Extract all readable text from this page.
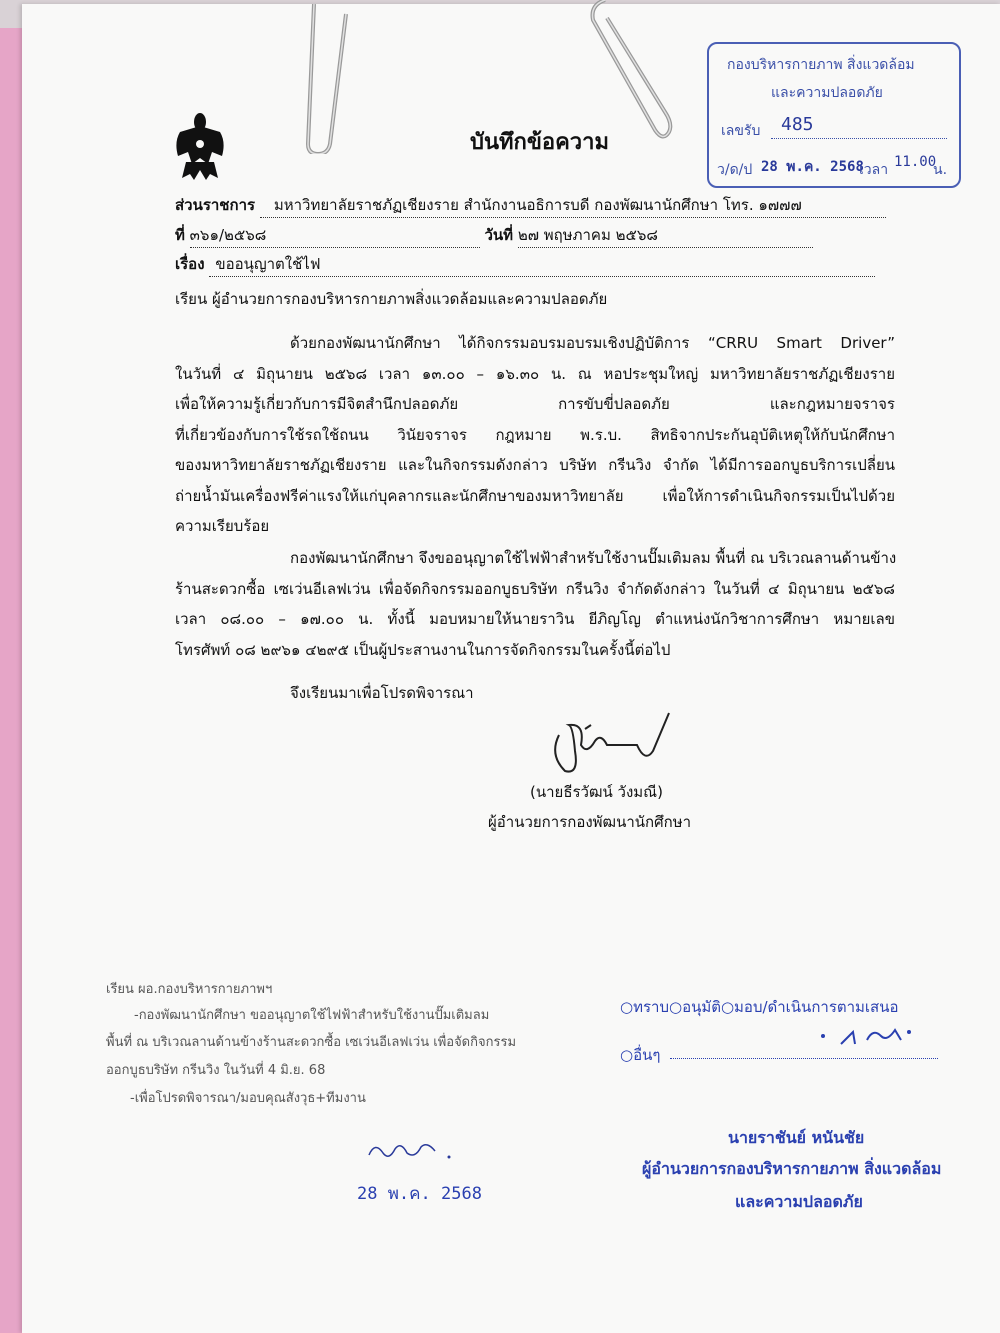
บันทึกข้อความ
กองบริหารกายภาพ สิ่งแวดล้อม
และความปลอดภัย
เลขรับ 485
ว/ด/ป 28 พ.ค. 2568
เวลา 11.00
น.
ส่วนราชการ มหาวิทยาลัยราชภัฏเชียงราย สำนักงานอธิการบดี กองพัฒนานักศึกษา โทร. ๑๗๗๗
ที่ ๓๖๑/๒๕๖๘	วันที่ ๒๗ พฤษภาคม ๒๕๖๘
เรื่อง ขออนุญาตใช้ไฟ
เรียน ผู้อำนวยการกองบริหารกายภาพสิ่งแวดล้อมและความปลอดภัย
ด้วยกองพัฒนานักศึกษา ได้กิจกรรมอบรมอบรมเชิงปฏิบัติการ “CRRU Smart Driver”
ในวันที่ ๔ มิถุนายน ๒๕๖๘ เวลา ๑๓.๐๐ – ๑๖.๓๐ น. ณ หอประชุมใหญ่ มหาวิทยาลัยราชภัฏเชียงราย
เพื่อให้ความรู้เกี่ยวกับการมีจิตสำนึกปลอดภัย การขับขี่ปลอดภัย และกฎหมายจราจร
ที่เกี่ยวข้องกับการใช้รถใช้ถนน วินัยจราจร กฎหมาย พ.ร.บ. สิทธิจากประกันอุบัติเหตุให้กับนักศึกษา
ของมหาวิทยาลัยราชภัฏเชียงราย และในกิจกรรมดังกล่าว บริษัท กรีนวิง จำกัด ได้มีการออกบูธบริการเปลี่ยน
ถ่ายน้ำมันเครื่องฟรีค่าแรงให้แก่บุคลากรและนักศึกษาของมหาวิทยาลัย เพื่อให้การดำเนินกิจกรรมเป็นไปด้วย
ความเรียบร้อย
กองพัฒนานักศึกษา จึงขออนุญาตใช้ไฟฟ้าสำหรับใช้งานปั๊มเติมลม พื้นที่ ณ บริเวณลานด้านข้าง
ร้านสะดวกซื้อ เซเว่นอีเลฟเว่น เพื่อจัดกิจกรรมออกบูธบริษัท กรีนวิง จำกัดดังกล่าว ในวันที่ ๔ มิถุนายน ๒๕๖๘
เวลา ๐๘.๐๐ – ๑๗.๐๐ น. ทั้งนี้ มอบหมายให้นายราวิน ยีภิญโญ ตำแหน่งนักวิชาการศึกษา หมายเลข
โทรศัพท์ ๐๘ ๒๙๖๑ ๔๒๙๕ เป็นผู้ประสานงานในการจัดกิจกรรมในครั้งนี้ต่อไป
จึงเรียนมาเพื่อโปรดพิจารณา
(นายธีรวัฒน์ วังมณี)
ผู้อำนวยการกองพัฒนานักศึกษา
เรียน ผอ.กองบริหารกายภาพฯ
-กองพัฒนานักศึกษา ขออนุญาตใช้ไฟฟ้าสำหรับใช้งานปั๊มเติมลม
พื้นที่ ณ บริเวณลานด้านข้างร้านสะดวกซื้อ เซเว่นอีเลฟเว่น เพื่อจัดกิจกรรม
ออกบูธบริษัท กรีนวิง ในวันที่ 4 มิ.ย. 68
-เพื่อโปรดพิจารณา/มอบคุณสังวุธ+ทีมงาน
28 พ.ค. 2568
○ทราบ○อนุมัติ○มอบ/ดำเนินการตามเสนอ
○อื่นๆ
นายราชันย์ หนันชัย
ผู้อำนวยการกองบริหารกายภาพ สิ่งแวดล้อม
และความปลอดภัย
